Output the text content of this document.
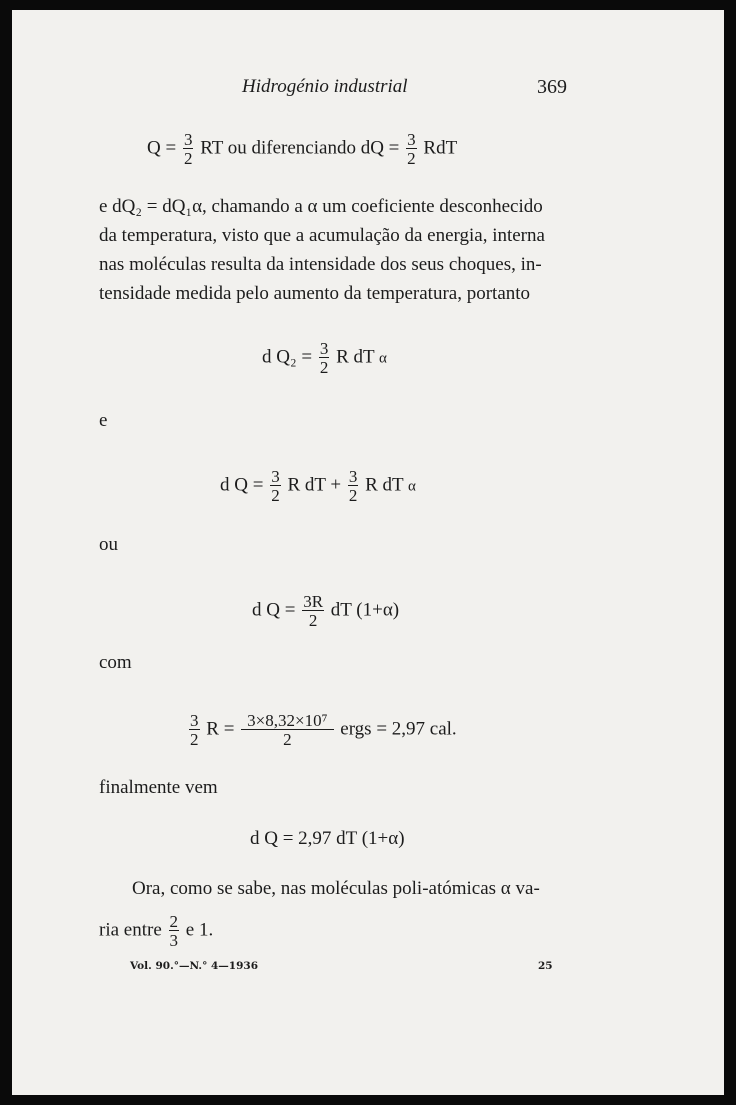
Hidrogénio industrial	369
$Q = \frac{3}{2}$ RT ou diferenciando dQ = $\frac{3}{2}$ RdT
e dQ₂ = dQ₁α, chamando a α um coeficiente desconhecido
da temperatura, visto que a acumulação da energia, interna
nas moléculas resulta da intensidade dos seus choques, in-
tensidade medida pelo aumento da temperatura, portanto
d $Q_2 = \frac{3}{2}$ R dT α
e
d $Q = \frac{3}{2}$ R dT + $\frac{3}{2}$ R dT α
ou
d $Q = \frac{3R}{2}$ dT (1+α)
com
$\frac{3}{2}$ $R = \frac{\text{3×8,32×10⁷}}{2}$ ergs = 2,97 cal.
finalmente vem
d Q = 2,97 dT (1+α)
Ora, como se sabe, nas moléculas poli-atómicas α va-
ria entre $\frac{2}{3}$ e 1.
Vol. 90.°—N.° 4—1936	25
